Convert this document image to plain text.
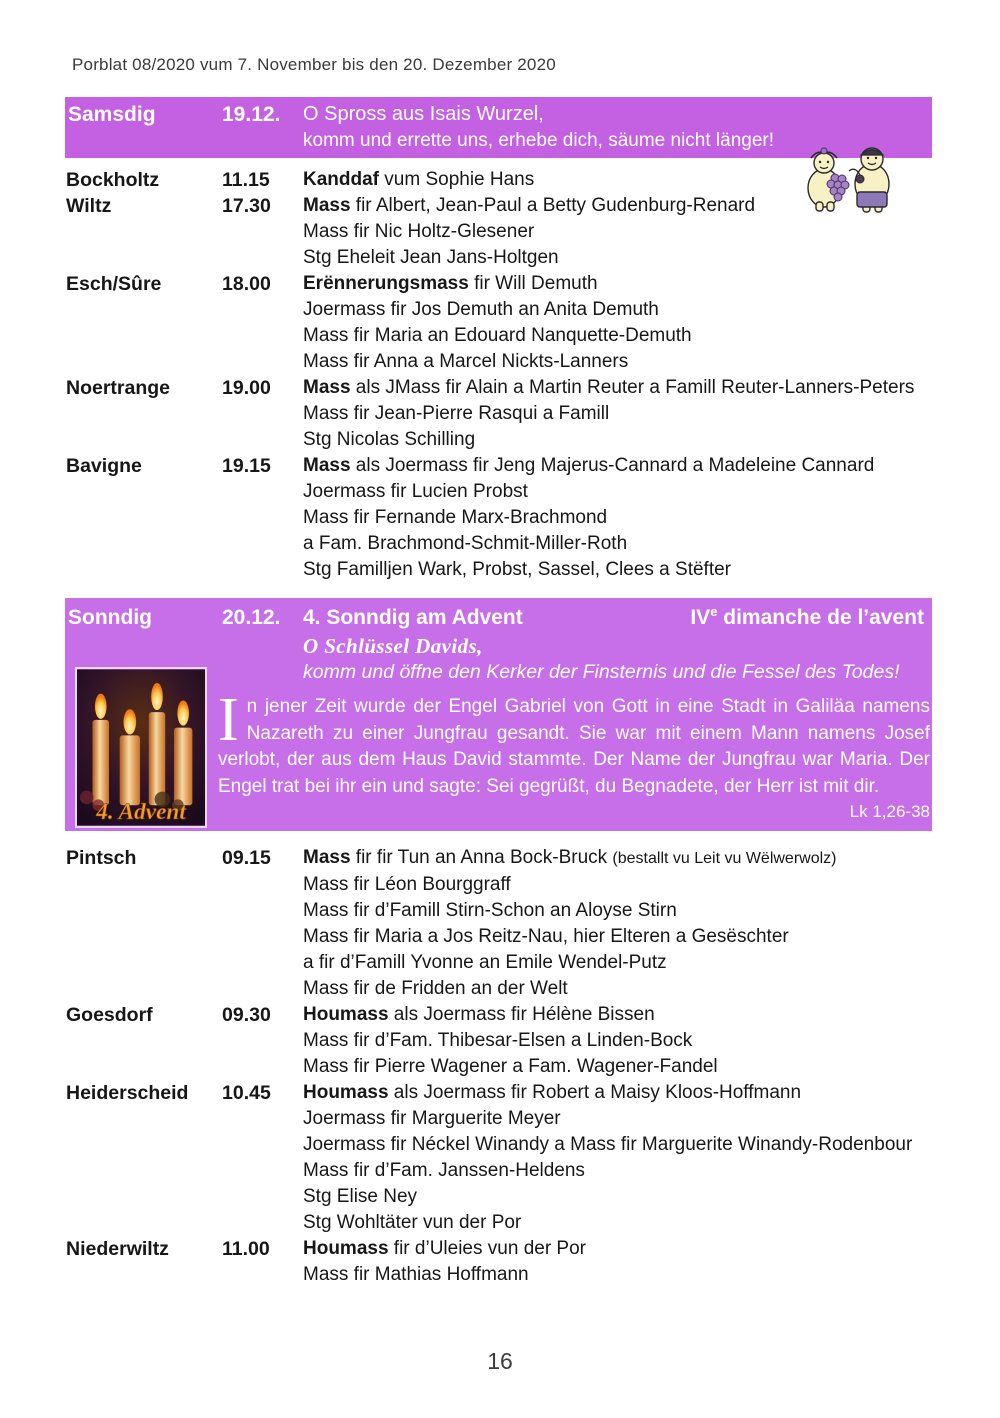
Porblat 08/2020 vum 7. November bis den 20. Dezember 2020
Samsdig	19.12.	O Spross aus Isais Wurzel,
komm und errette uns, erhebe dich, säume nicht länger!
Bockholtz	11.15	Kanddaf vum Sophie Hans
Wiltz	17.30	Mass fir Albert, Jean-Paul a Betty Gudenburg-Renard
Mass fir Nic Holtz-Glesener
Stg Eheleit Jean Jans-Holtgen
Esch/Sûre	18.00	Erënnerungsmass fir Will Demuth
Joermass fir Jos Demuth an Anita Demuth
Mass fir Maria an Edouard Nanquette-Demuth
Mass fir Anna a Marcel Nickts-Lanners
Noertrange	19.00	Mass als JMass fir Alain a Martin Reuter a Famill Reuter-Lanners-Peters
Mass fir Jean-Pierre Rasqui a Famill
Stg Nicolas Schilling
Bavigne	19.15	Mass als Joermass fir Jeng Majerus-Cannard a Madeleine Cannard
Joermass fir Lucien Probst
Mass fir Fernande Marx-Brachmond
a Fam. Brachmond-Schmit-Miller-Roth
Stg Familljen Wark, Probst, Sassel, Clees a Stëfter
Sonndig	20.12.	4. Sonndig am Advent	IVe dimanche de l’avent
O Schlüssel Davids,
komm und öffne den Kerker der Finsternis und die Fessel des Todes!
4. Advent
In jener Zeit wurde der Engel Gabriel von Gott in eine Stadt in Galiläa namens Nazareth zu einer Jungfrau gesandt. Sie war mit einem Mann namens Josef verlobt, der aus dem Haus David stammte. Der Name der Jungfrau war Maria. Der Engel trat bei ihr ein und sagte: Sei gegrüßt, du Begnadete, der Herr ist mit dir.
Lk 1,26-38
Pintsch	09.15	Mass fir fir Tun an Anna Bock-Bruck (bestallt vu Leit vu Wëlwerwolz)
Mass fir Léon Bourggraff
Mass fir d’Famill Stirn-Schon an Aloyse Stirn
Mass fir Maria a Jos Reitz-Nau, hier Elteren a Gesëschter
a fir d’Famill Yvonne an Emile Wendel-Putz
Mass fir de Fridden an der Welt
Goesdorf	09.30	Houmass als Joermass fir Hélène Bissen
Mass fir d’Fam. Thibesar-Elsen a Linden-Bock
Mass fir Pierre Wagener a Fam. Wagener-Fandel
Heiderscheid	10.45	Houmass als Joermass fir Robert a Maisy Kloos-Hoffmann
Joermass fir Marguerite Meyer
Joermass fir Néckel Winandy a Mass fir Marguerite Winandy-Rodenbour
Mass fir d’Fam. Janssen-Heldens
Stg Elise Ney
Stg Wohltäter vun der Por
Niederwiltz	11.00	Houmass fir d’Uleies vun der Por
Mass fir Mathias Hoffmann
16
